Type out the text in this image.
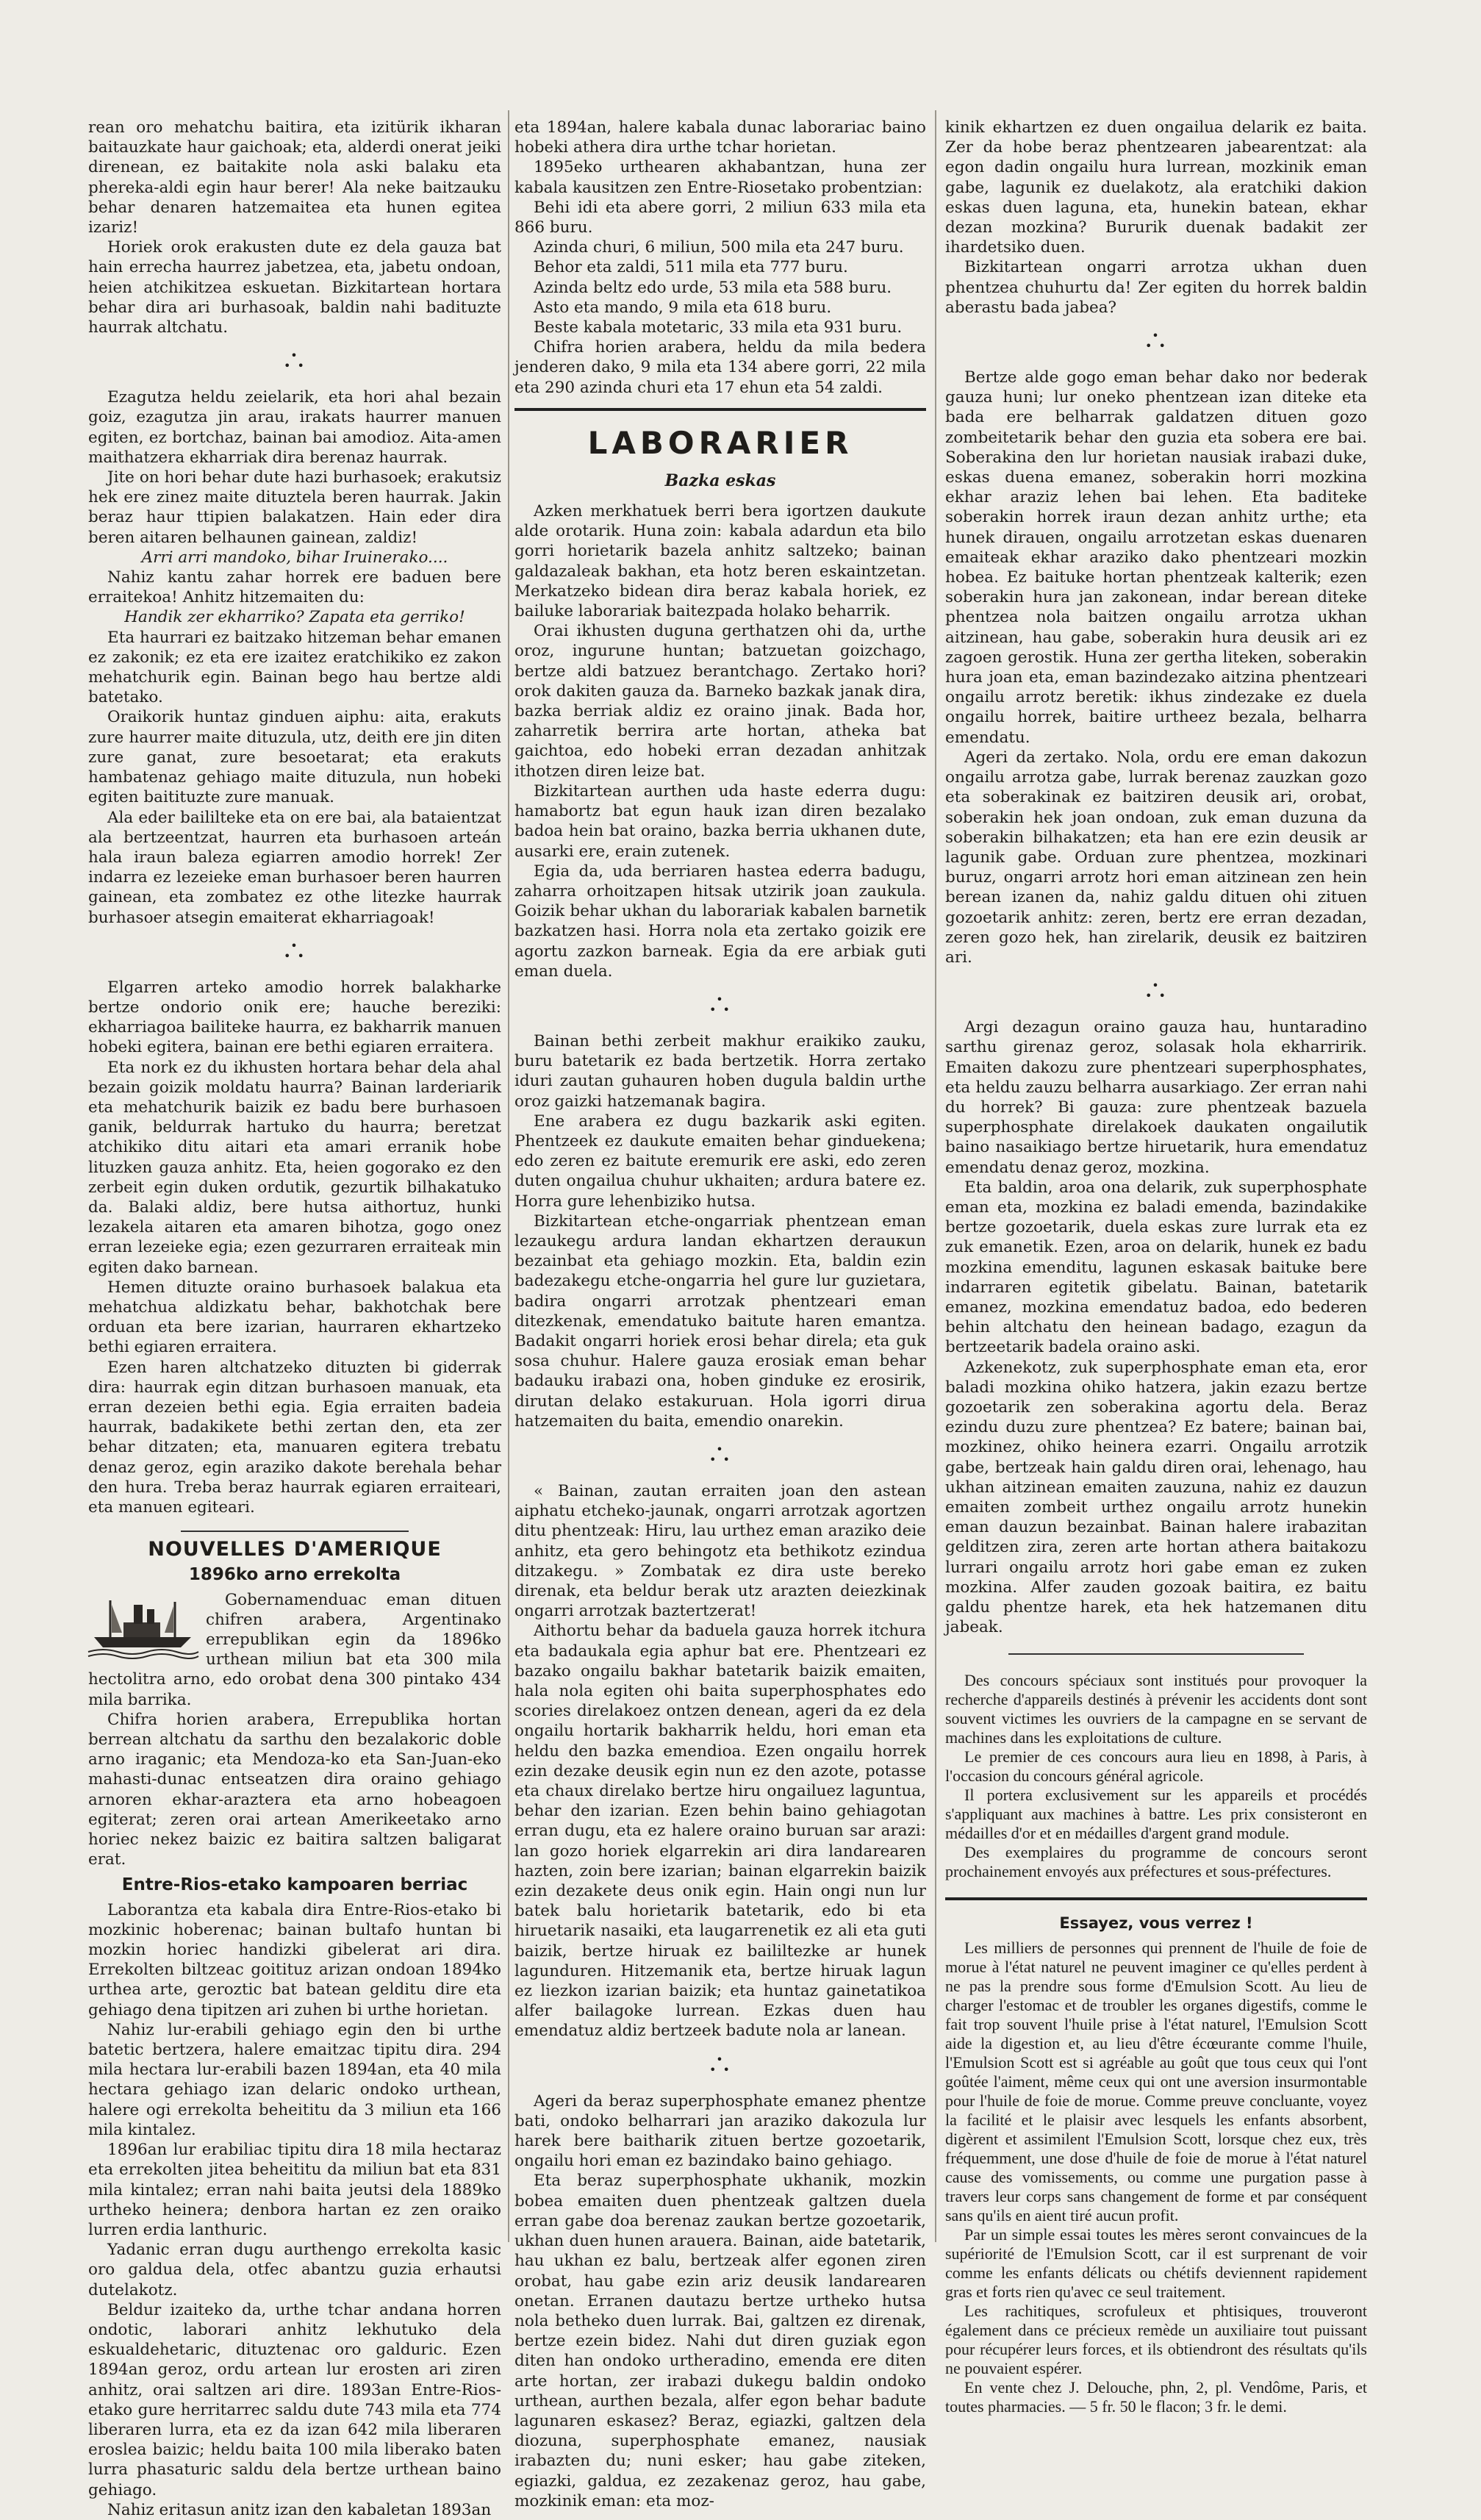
rean oro mehatchu baitira, eta izitürik ikharan baitauzkate haur gaichoak; eta, alderdi onerat jeiki direnean, ez baitakite nola aski balaku eta phereka-aldi egin haur berer! Ala neke baitzauku behar denaren hatzemaitea eta hunen egitea izariz!

Horiek orok erakusten dute ez dela gauza bat hain errecha haurrez jabetzea, eta, jabetu ondoan, heien atchikitzea eskuetan. Bizkitartean hortara behar dira ari burhasoak, baldin nahi badituzte haurrak altchatu.

•
• •

Ezagutza heldu zeielarik, eta hori ahal bezain goiz, ezagutza jin arau, irakats haurrer manuen egiten, ez bortchaz, bainan bai amodioz. Aita-amen maithatzera ekharriak dira berenaz haurrak.

Jite on hori behar dute hazi burhasoek; erakutsiz hek ere zinez maite dituztela beren haurrak. Jakin beraz haur ttipien balakatzen. Hain eder dira beren aitaren belhaunen gainean, zaldiz!

Arri arri mandoko, bihar Iruinerako....

Nahiz kantu zahar horrek ere baduen bere erraitekoa! Anhitz hitzemaiten du:

Handik zer ekharriko? Zapata eta gerriko!

Eta haurrari ez baitzako hitzeman behar emanen ez zakonik; ez eta ere izaitez eratchikiko ez zakon mehatchurik egin. Bainan bego hau bertze aldi batetako.

Oraikorik huntaz ginduen aiphu: aita, erakuts zure haurrer maite dituzula, utz, deith ere jin diten zure ganat, zure besoetarat; eta erakuts hambatenaz gehiago maite dituzula, nun hobeki egiten baitituzte zure manuak.

Ala eder baililteke eta on ere bai, ala bataientzat ala bertzeentzat, haurren eta burhasoen arteán hala iraun baleza egiarren amodio horrek! Zer indarra ez lezeieke eman burhasoer beren haurren gainean, eta zombatez ez othe litezke haurrak burhasoer atsegin emaiterat ekharriagoak!

•
• •

Elgarren arteko amodio horrek balakharke bertze ondorio onik ere; hauche bereziki: ekharriagoa bailiteke haurra, ez bakharrik manuen hobeki egitera, bainan ere bethi egiaren erraitera.

Eta nork ez du ikhusten hortara behar dela ahal bezain goizik moldatu haurra? Bainan larderiarik eta mehatchurik baizik ez badu bere burhasoen ganik, beldurrak hartuko du haurra; beretzat atchikiko ditu aitari eta amari erranik hobe lituzken gauza anhitz. Eta, heien gogorako ez den zerbeit egin duken ordutik, gezurtik bilhakatuko da. Balaki aldiz, bere hutsa aithortuz, hunki lezakela aitaren eta amaren bihotza, gogo onez erran lezeieke egia; ezen gezurraren erraiteak min egiten dako barnean.

Hemen dituzte oraino burhasoek balakua eta mehatchua aldizkatu behar, bakhotchak bere orduan eta bere izarian, haurraren ekhartzeko bethi egiaren erraitera.

Ezen haren altchatzeko dituzten bi giderrak dira: haurrak egin ditzan burhasoen manuak, eta erran dezeien bethi egia. Egia erraiten badeia haurrak, badakikete bethi zertan den, eta zer behar ditzaten; eta, manuaren egitera trebatu denaz geroz, egin araziko dakote berehala behar den hura. Treba beraz haurrak egiaren erraiteari, eta manuen egiteari.

NOUVELLES D'AMERIQUE
1896ko arno errekolta

Gobernamenduac eman dituen chifren arabera, Argentinako errepublikan egin da 1896ko urthean miliun bat eta 300 mila hectolitra arno, edo orobat dena 300 pintako 434 mila barrika.

Chifra horien arabera, Errepublika hortan berrean altchatu da sarthu den bezalakoric doble arno iraganic; eta Mendoza-ko eta San-Juan-eko mahasti-dunac entseatzen dira oraino gehiago arnoren ekhar-araztera eta arno hobeagoen egiterat; zeren orai artean Amerikeetako arno horiec nekez baizic ez baitira saltzen baligarat erat.

Entre-Rios-etako kampoaren berriac

Laborantza eta kabala dira Entre-Rios-etako bi mozkinic hoberenac; bainan bultafo huntan bi mozkin horiec handizki gibelerat ari dira. Errekolten biltzeac goitituz arizan ondoan 1894ko urthea arte, geroztic bat batean gelditu dire eta gehiago dena tipitzen ari zuhen bi urthe horietan.

Nahiz lur-erabili gehiago egin den bi urthe batetic bertzera, halere emaitzac tipitu dira. 294 mila hectara lur-erabili bazen 1894an, eta 40 mila hectara gehiago izan delaric ondoko urthean, halere ogi errekolta beheititu da 3 miliun eta 166 mila kintalez.

1896an lur erabiliac tipitu dira 18 mila hectaraz eta errekolten jitea beheititu da miliun bat eta 831 mila kintalez; erran nahi baita jeutsi dela 1889ko urtheko heinera; denbora hartan ez zen oraiko lurren erdia lanthuric.

Yadanic erran dugu aurthengo errekolta kasic oro galdua dela, otfec abantzu guzia erhautsi dutelakotz.

Beldur izaiteko da, urthe tchar andana horren ondotic, laborari anhitz lekhutuko dela eskualdehetaric, dituztenac oro galduric. Ezen 1894an geroz, ordu artean lur erosten ari ziren anhitz, orai saltzen ari dire. 1893an Entre-Rios-etako gure herritarrec saldu dute 743 mila eta 774 liberaren lurra, eta ez da izan 642 mila liberaren erosleа baizic; heldu baita 100 mila liberako baten lurra phasaturic saldu dela bertze urthean baino gehiago.

Nahiz eritasun anitz izan den kabaletan 1893an

eta 1894an, halere kabala dunac laborariac baino hobeki athera dira urthe tchar horietan.

1895eko urthearen akhabantzan, huna zer kabala kausitzen zen Entre-Riosetako probentzian:

Behi idi eta abere gorri, 2 miliun 633 mila eta 866 buru.

Azinda churi, 6 miliun, 500 mila eta 247 buru.

Behor eta zaldi, 511 mila eta 777 buru.

Azinda beltz edo urde, 53 mila eta 588 buru.

Asto eta mando, 9 mila eta 618 buru.

Beste kabala motetaric, 33 mila eta 931 buru.

Chifra horien arabera, heldu da mila bedera jenderen dako, 9 mila eta 134 abere gorri, 22 mila eta 290 azinda churi eta 17 ehun eta 54 zaldi.

LABORARIER
Bazka eskas

Azken merkhatuek berri bera igortzen daukute alde orotarik. Huna zoin: kabala adardun eta bilo gorri horietarik bazela anhitz saltzeko; bainan galdazaleak bakhan, eta hotz beren eskaintzetan. Merkatzeko bidean dira beraz kabala horiek, ez bailuke laborariak baitezpada holako beharrik.

Orai ikhusten duguna gerthatzen ohi da, urthe oroz, ingurune huntan; batzuetan goizchago, bertze aldi batzuez berantchago. Zertako hori? orok dakiten gauza da. Barneko bazkak janak dira, bazka berriak aldiz ez oraino jinak. Bada hor, zaharretik berrira arte hortan, atheka bat gaichtoa, edo hobeki erran dezadan anhitzak ithotzen diren leize bat.

Bizkitartean aurthen uda haste ederra dugu: hamabortz bat egun hauk izan diren bezalako badoa hein bat oraino, bazka berria ukhanen dute, ausarki ere, erain zutenek.

Egia da, udа berriaren hastea ederra badugu, zaharra orhoitzapen hitsak utzirik joan zaukula. Goizik behar ukhan du laborariak kabalen barnetik bazkatzen hasi. Horra nola eta zertako goizik ere agortu zazkon barneak. Egia da ere arbiak guti eman duela.

•
• •

Bainan bethi zerbeit makhur eraikiko zauku, buru batetarik ez bada bertzetik. Horra zertako iduri zautan guhauren hoben dugula baldin urthe oroz gaizki hatzemanak bagira.

Ene arabera ez dugu bazkarik aski egiten. Phentzeek ez daukute emaiten behar ginduekena; edo zeren ez baitute eremurik ere aski, edo zeren duten ongailua chuhur ukhaiten; ardura batere ez. Horra gure lehenbiziko hutsa.

Bizkitartean etche-ongarriak phentzean eman lezaukegu ardura landan ekhartzen derauкun bezainbat eta gehiago mozkin. Eta, baldin ezin badezakegu etche-ongarria hel gure lur guzietara, badira ongarri arrotzak phentzeari eman ditezkenak, emendatuko baitute haren emantza. Badakit ongarri horiek erosi behar direla; eta guk sosa chuhur. Halere gauza erosiak eman behar badauku irabazi ona, hoben ginduke ez erosirik, dirutan delako estakuruan. Hola igorri dirua hatzemaiten du baita, emendio onarekin.

•
• •

« Bainan, zautan erraiten joan den astean aiphatu etcheko-jaunak, ongarri arrotzak agortzen ditu phentzeak: Hiru, lau urthez eman araziko deie anhitz, eta gero behingotz eta bethikotz ezindua ditzakegu. » Zombatak ez dira uste bereko direnak, eta beldur berak utz arazten deiezkinak ongarri arrotzak baztertzerat!

Aithortu behar da baduela gauza horrek itchura eta badaukala egia aphur bat ere. Phentzeari ez bazako ongailu bakhar batetarik baizik emaiten, hala nola egiten ohi baita superphosphates edo scories direlakoez ontzen denean, ageri da ez dela ongailu hortarik bakharrik heldu, hori eman eta heldu den bazka emendioa. Ezen ongailu horrek ezin dezake deusik egin nun ez den azote, potasse eta chaux direlako bertze hiru ongailuez laguntua, behar den izarian. Ezen behin baino gehiagotan erran dugu, eta ez halere oraino buruan sar arazi: lan gozo horiek elgarrekin ari dira landarearen hazten, zoin bere izarian; bainan elgarrekin baizik ezin dezakete deus onik egin. Hain ongi nun lur batek balu horietarik batetarik, edo bi eta hiruetarik nasaiki, eta laugarrenetik ez ali eta guti baizik, bertze hiruak ez baililtezke ar hunek lagunduren. Hitzemanik eta, bertze hiruak lagun ez liezkon izarian baizik; eta huntaz gainetatikoa alfer bailagoke lurrean. Ezkas duen hau emendatuz aldiz bertzeek badute nola ar lanean.

•
• •

Ageri da beraz superphosphate emanez phentze bati, ondoko belharrari jan araziko dakozula lur harek bere baitharik zituen bertze gozoetarik, ongailu hori eman ez bazindako baino gehiago.

Eta beraz superphosphate ukhanik, mozkin bobea emaiten duen phentzeak galtzen duela erran gabe doa berenaz zaukan bertze gozoetarik, ukhan duen hunen arauera. Bainan, aide batetarik, hau ukhan ez balu, bertzeak alfer egonen ziren orobat, hau gabe ezin ariz deusik landarearen onetan. Erranen dautazu bertze urtheko hutsa nola betheko duen lurrak. Bai, galtzen ez direnak, bertze ezein bidez. Nahi dut diren guziak egon diten han ondoko urtheradino, emenda ere diten arte hortan, zer irabazi dukegu baldin ondoko urthean, aurthen bezala, alfer egon behar badute lagunaren eskasez? Beraz, egiazki, galtzen dela diozuna, superphosphate emanez, nausiak irabazten du; nuni esker; hau gabe ziteken, egiazki, galdua, ez zezakenaz geroz, hau gabe, mozkinik eman: eta moz-

kinik ekhartzen ez duen ongailua delarik ez baita. Zer da hobe beraz phentzearen jabearentzat: ala egon dadin ongailu hura lurrean, mozkinik eman gabe, lagunik ez duelakotz, ala eratchiki dakion eskas duen laguna, eta, hunekin batean, ekhar dezan mozkina? Bururik duenak badakit zer ihardetsiko duen.

Bizkitartean ongarri arrotza ukhan duen phentzea chuhurtu da! Zer egiten du horrek baldin aberastu bada jabea?

•
• •

Bertze alde gogo eman behar dako nor bederak gauza huni; lur oneko phentzean izan diteke eta bada ere belharrak galdatzen dituen gozo zombeitetarik behar den guzia eta sobera ere bai. Soberakina den lur horietan nausiak irabazi duke, eskas duena emanez, soberakin horri mozkina ekhar araziz lehen bai lehen. Eta baditeke soberakin horrek iraun dezan anhitz urthe; eta hunek dirauen, ongailu arrotzetan eskas duenaren emaiteak ekhar araziko dako phentzeari mozkin hobea. Ez baituke hortan phentzeak kalterik; ezen soberakin hura jan zakonean, indar berean diteke phentzea nola baitzen ongailu arrotza ukhan aitzinean, hau gabe, soberakin hura deusik ari ez zagoen gerostik. Huna zer gertha liteken, soberakin hura joan eta, eman bazindezako aitzina phentzeari ongailu arrotz beretik: ikhus zindezake ez duela ongailu horrek, baitire urtheez bezala, belharra emendatu.

Ageri da zertako. Nola, ordu ere eman dakozun ongailu arrotza gabe, lurrak berenaz zauzkan gozo eta soberakinak ez baitziren deusik ari, orobat, soberakin hek joan ondoan, zuk eman duzuna da soberakin bilhakatzen; eta han ere ezin deusik ar lagunik gabe. Orduan zure phentzea, mozkinari buruz, ongarri arrotz hori eman aitzinean zen hein berean izanen da, nahiz galdu dituen ohi zituen gozoetarik anhitz: zeren, bertz ere erran dezadan, zeren gozo hek, han zirelarik, deusik ez baitziren ari.

•
• •

Argi dezagun oraino gauza hau, huntaradino sarthu girenaz geroz, solasak hola ekharririk. Emaiten dakozu zure phentzeari superphosphates, eta heldu zauzu belharra ausarkiago. Zer erran nahi du horrek? Bi gauza: zure phentzeak bazuela superphosphate direlakoek daukaten ongailutik baino nasaikiago bertze hiruetarik, hura emendatuz emendatu denaz geroz, mozkina.

Eta baldin, aroa ona delarik, zuk superphosphate eman eta, mozkina ez baladi emenda, bazindakike bertze gozoetarik, duela eskas zure lurrak eta ez zuk emanetik. Ezen, aroa on delarik, hunek ez badu mozkina emenditu, lagunen eskasak baituke bere indarraren egitetik gibelatu. Bainan, batetarik emanez, mozkina emendatuz badoa, edo bederen behin altchatu den heinean badago, ezagun da bertzeetarik badela oraino aski.

Azkenekotz, zuk superphosphate eman eta, eror baladi mozkina ohiko hatzera, jakin ezazu bertze gozoetarik zen soberakina agortu dela. Beraz ezindu duzu zure phentzea? Ez batere; bainan bai, mozkinez, ohiko heinera ezarri. Ongailu arrotzik gabe, bertzeak hain galdu diren orai, lehenago, hau ukhan aitzinean emaiten zauzuna, nahiz ez dauzun emaiten zombeit urthez ongailu arrotz hunekin eman dauzun bezainbat. Bainan halere irabazitan gelditzen zira, zeren arte hortan athera baitakozu lurrari ongailu arrotz hori gabe eman ez zuken mozkina. Alfer zauden gozoak baitira, ez baitu galdu phentze harek, eta hek hatzemanen ditu jabeak.

Des concours spéciaux sont institués pour provoquer la recherche d'appareils destinés à prévenir les accidents dont sont souvent victimes les ouvriers de la campagne en se servant de machines dans les exploitations de culture.

Le premier de ces concours aura lieu en 1898, à Paris, à l'occasion du concours général agricole.

Il portera exclusivement sur les appareils et procédés s'appliquant aux machines à battre. Les prix consisteront en médailles d'or et en médailles d'argent grand module.

Des exemplaires du programme de concours seront prochainement envoyés aux préfectures et sous-préfectures.

Essayez, vous verrez !

Les milliers de personnes qui prennent de l'huile de foie de morue à l'état naturel ne peuvent imaginer ce qu'elles perdent à ne pas la prendre sous forme d'Emulsion Scott. Au lieu de charger l'estomac et de troubler les organes digestifs, comme le fait trop souvent l'huile prise à l'état naturel, l'Emulsion Scott aide la digestion et, au lieu d'être écœurante comme l'huile, l'Emulsion Scott est si agréable au goût que tous ceux qui l'ont goûtée l'aiment, même ceux qui ont une aversion insurmontable pour l'huile de foie de morue. Comme preuve concluante, voyez la facilité et le plaisir avec lesquels les enfants absorbent, digèrent et assimilent l'Emulsion Scott, lorsque chez eux, très fréquemment, une dose d'huile de foie de morue à l'état naturel cause des vomissements, ou comme une purgation passe à travers leur corps sans changement de forme et par conséquent sans qu'ils en aient tiré aucun profit.

Par un simple essai toutes les mères seront convaincues de la supériorité de l'Emulsion Scott, car il est surprenant de voir comme les enfants délicats ou chétifs deviennent rapidement gras et forts rien qu'avec ce seul traitement.

Les rachitiques, scrofuleux et phtisiques, trouveront également dans ce précieux remède un auxiliaire tout puissant pour récupérer leurs forces, et ils obtiendront des résultats qu'ils ne pouvaient espérer.

En vente chez J. Delouche, phn, 2, pl. Vendôme, Paris, et toutes pharmacies. — 5 fr. 50 le flacon; 3 fr. le demi.
